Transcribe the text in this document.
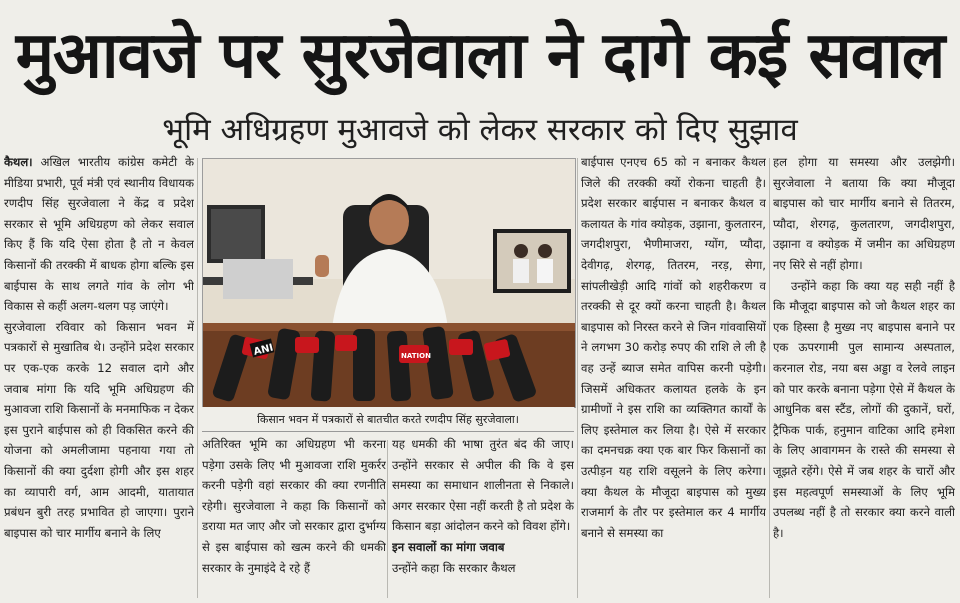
मुआवजे पर सुरजेवाला ने दागे कई सवाल
भूमि अधिग्रहण मुआवजे को लेकर सरकार को दिए सुझाव

कैथल। अखिल भारतीय कांग्रेस कमेटी के मीडिया प्रभारी, पूर्व मंत्री एवं स्थानीय विधायक रणदीप सिंह सुरजेवाला ने केंद्र व प्रदेश सरकार से भूमि अधिग्रहण को लेकर सवाल किए हैं कि यदि ऐसा होता है तो न केवल किसानों की तरक्की में बाधक होगा बल्कि इस बाईपास के साथ लगते गांव के लोग भी विकास से कहीं अलग-थलग पड़ जाएंगे।

सुरजेवाला रविवार को किसान भवन में पत्रकारों से मुखातिब थे। उन्होंने प्रदेश सरकार पर एक-एक करके 12 सवाल दागे और जवाब मांगा कि यदि भूमि अधिग्रहण की मुआवजा राशि किसानों के मनमाफिक न देकर इस पुराने बाईपास को ही विकसित करने की योजना को अमलीजामा पहनाया गया तो किसानों की क्या दुर्दशा होगी और इस शहर का व्यापारी वर्ग, आम आदमी, यातायात प्रबंधन बुरी तरह प्रभावित हो जाएगा। पुराने बाइपास को चार मार्गीय बनाने के लिए

ANI	NATION
किसान भवन में पत्रकारों से बातचीत करते रणदीप सिंह सुरजेवाला।

अतिरिक्त भूमि का अधिग्रहण भी करना पड़ेगा उसके लिए भी मुआवजा राशि मुकर्रर करनी पड़ेगी वहां सरकार की क्या रणनीति रहेगी। सुरजेवाला ने कहा कि किसानों को डराया मत जाए और जो सरकार द्वारा दुर्भाग्य से इस बाईपास को खत्म करने की धमकी सरकार के नुमाइंदे दे रहे हैं

यह धमकी की भाषा तुरंत बंद की जाए। उन्होंने सरकार से अपील की कि वे इस समस्या का समाधान शालीनता से निकाले। अगर सरकार ऐसा नहीं करती है तो प्रदेश के किसान बड़ा आंदोलन करने को विवश होंगे।

इन सवालों का मांगा जवाब

उन्होंने कहा कि सरकार कैथल

बाईपास एनएच 65 को न बनाकर कैथल जिले की तरक्की क्यों रोकना चाहती है। प्रदेश सरकार बाईपास न बनाकर कैथल व कलायत के गांव क्योड़क, उझाना, कुलतारन, जगदीशपुरा, भैणीमाजरा, ग्योंग, प्यौदा, देवीगढ़, शेरगढ़, तितरम, नरड़, सेगा, सांपलीखेड़ी आदि गांवों को शहरीकरण व तरक्की से दूर क्यों करना चाहती है। कैथल बाइपास को निरस्त करने से जिन गांववासियों ने लगभग 30 करोड़ रुपए की राशि ले ली है वह उन्हें ब्याज समेत वापिस करनी पड़ेगी। जिसमें अधिकतर कलायत हलके के इन ग्रामीणों ने इस राशि का व्यक्तिगत कार्यों के लिए इस्तेमाल कर लिया है। ऐसे में सरकार का दमनचक्र क्या एक बार फिर किसानों का उत्पीड़न यह राशि वसूलने के लिए करेगा। क्या कैथल के मौजूदा बाइपास को मुख्य राजमार्ग के तौर पर इस्तेमाल कर 4 मार्गीय बनाने से समस्या का

हल होगा या समस्या और उलझेगी। सुरजेवाला ने बताया कि क्या मौजूदा बाइपास को चार मार्गीय बनाने से तितरम, प्यौदा, शेरगढ़, कुलतारण, जगदीशपुरा, उझाना व क्योड़क में जमीन का अधिग्रहण नए सिरे से नहीं होगा।

उन्होंने कहा कि क्या यह सही नहीं है कि मौजूदा बाइपास को जो कैथल शहर का एक हिस्सा है मुख्य नए बाइपास बनाने पर एक ऊपरगामी पुल सामान्य अस्पताल, करनाल रोड, नया बस अड्डा व रेलवे लाइन को पार करके बनाना पड़ेगा ऐसे में कैथल के आधुनिक बस स्टैंड, लोगों की दुकानें, घरों, ट्रैफिक पार्क, हनुमान वाटिका आदि हमेशा के लिए आवागमन के रास्ते की समस्या से जूझते रहेंगे। ऐसे में जब शहर के चारों और इस महत्वपूर्ण समस्याओं के लिए भूमि उपलब्ध नहीं है तो सरकार क्या करने वाली है।
